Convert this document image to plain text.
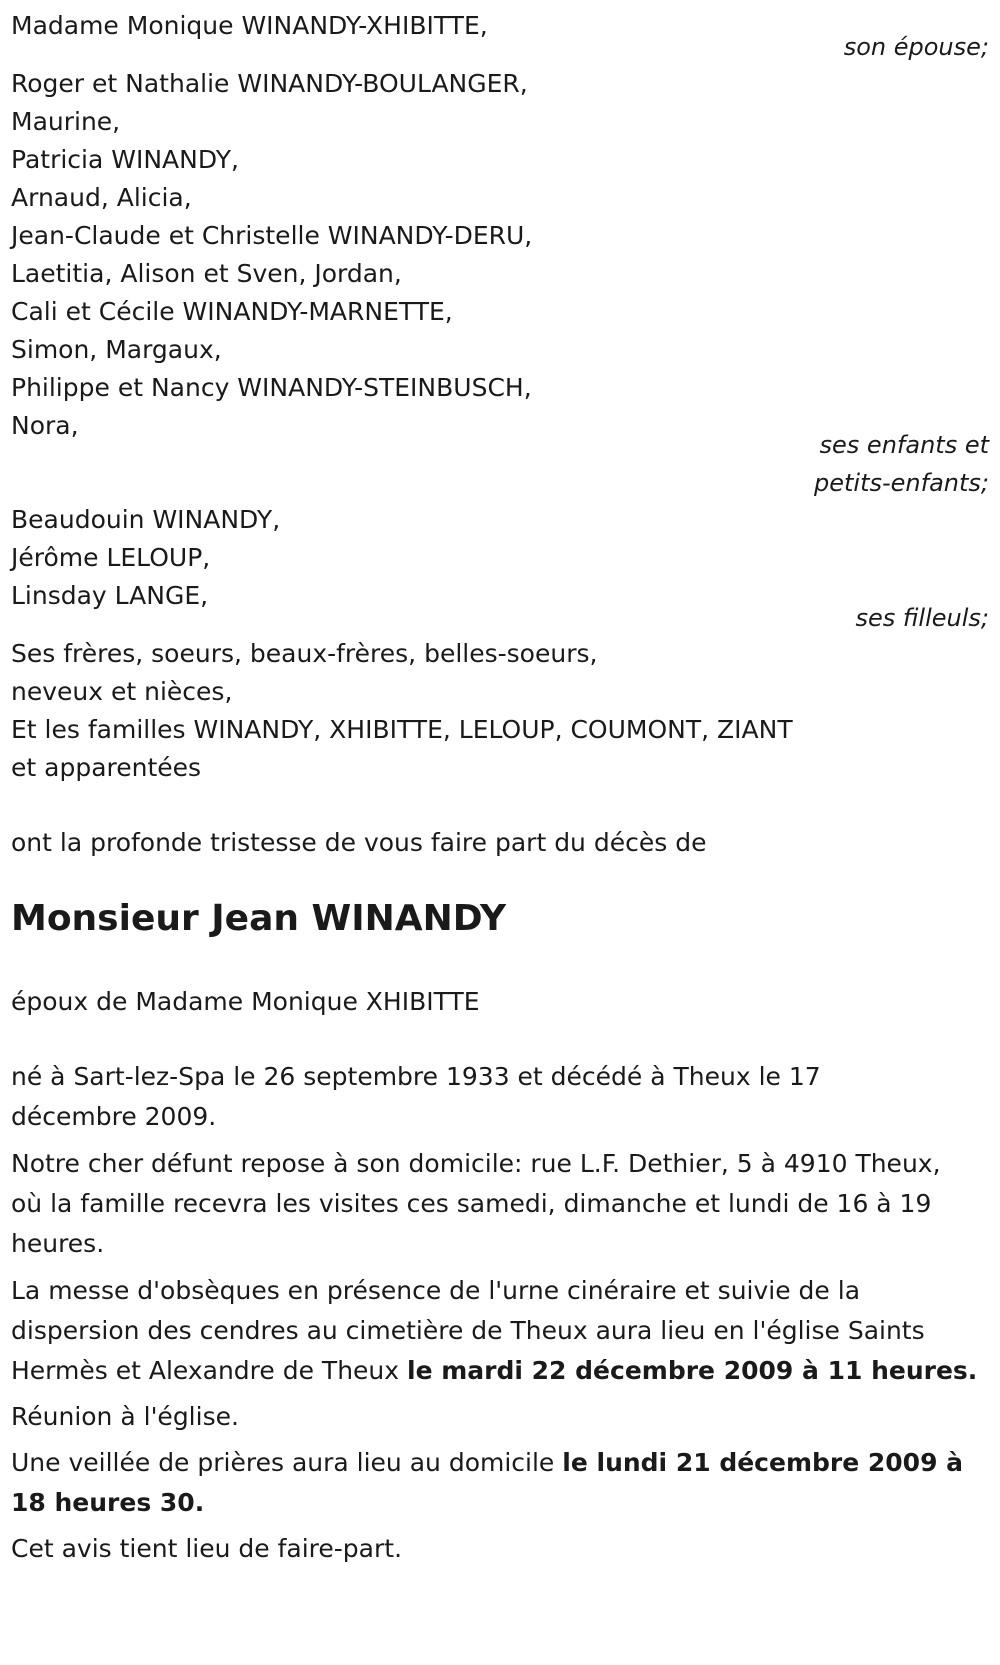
Madame Monique WINANDY-XHIBITTE,

son épouse;

Roger et Nathalie WINANDY-BOULANGER,

Maurine,

Patricia WINANDY,

Arnaud, Alicia,

Jean-Claude et Christelle WINANDY-DERU,

Laetitia, Alison et Sven, Jordan,

Cali et Cécile WINANDY-MARNETTE,

Simon, Margaux,

Philippe et Nancy WINANDY-STEINBUSCH,

Nora,

ses enfants et

petits-enfants;

Beaudouin WINANDY,

Jérôme LELOUP,

Linsday LANGE,

ses filleuls;

Ses frères, soeurs, beaux-frères, belles-soeurs,

neveux et nièces,

Et les familles WINANDY, XHIBITTE, LELOUP, COUMONT, ZIANT

et apparentées

ont la profonde tristesse de vous faire part du décès de

Monsieur Jean WINANDY

époux de Madame Monique XHIBITTE

né à Sart-lez-Spa le 26 septembre 1933 et décédé à Theux le 17 décembre 2009.

Notre cher défunt repose à son domicile: rue L.F. Dethier, 5 à 4910 Theux, où la famille recevra les visites ces samedi, dimanche et lundi de 16 à 19 heures.

La messe d'obsèques en présence de l'urne cinéraire et suivie de la dispersion des cendres au cimetière de Theux aura lieu en l'église Saints Hermès et Alexandre de Theux le mardi 22 décembre 2009 à 11 heures.

Réunion à l'église.

Une veillée de prières aura lieu au domicile le lundi 21 décembre 2009 à 18 heures 30.

Cet avis tient lieu de faire-part.
